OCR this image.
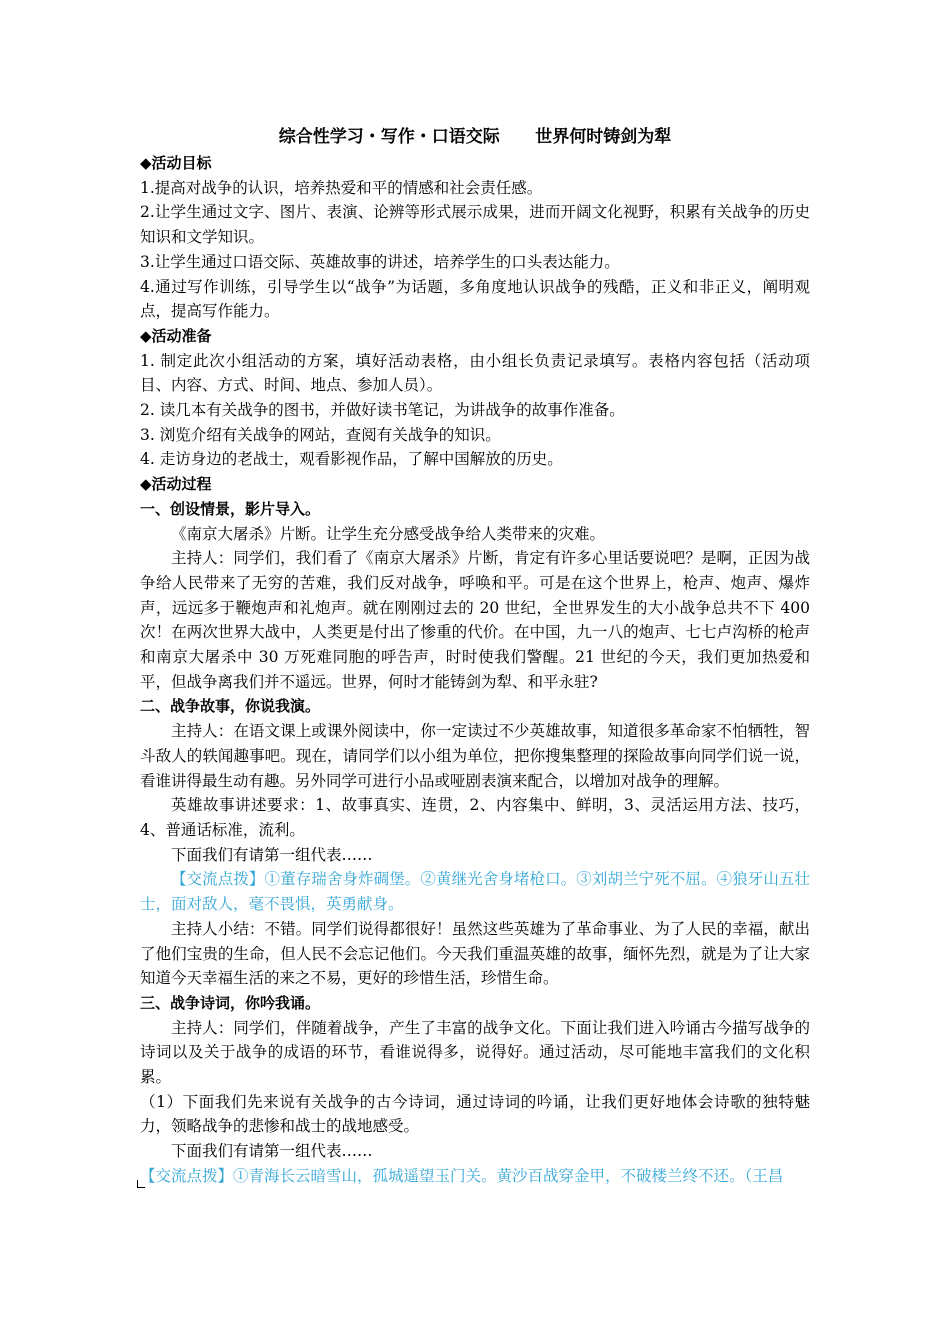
综合性学习・写作・口语交际      世界何时铸剑为犁
◆活动目标
1.提高对战争的认识，培养热爱和平的情感和社会责任感。
2.让学生通过文字、图片、表演、论辨等形式展示成果，进而开阔文化视野，积累有关战争的历史知识和文学知识。
3.让学生通过口语交际、英雄故事的讲述，培养学生的口头表达能力。
4.通过写作训练，引导学生以“战争”为话题，多角度地认识战争的残酷，正义和非正义，阐明观点，提高写作能力。
◆活动准备
1. 制定此次小组活动的方案，填好活动表格，由小组长负责记录填写。表格内容包括（活动项目、内容、方式、时间、地点、参加人员）。
2. 读几本有关战争的图书，并做好读书笔记，为讲战争的故事作准备。
3. 浏览介绍有关战争的网站，查阅有关战争的知识。
4. 走访身边的老战士，观看影视作品，了解中国解放的历史。
◆活动过程
一、创设情景，影片导入。
《南京大屠杀》片断。让学生充分感受战争给人类带来的灾难。
主持人：同学们，我们看了《南京大屠杀》片断，肯定有许多心里话要说吧？是啊，正因为战争给人民带来了无穷的苦难，我们反对战争，呼唤和平。可是在这个世界上，枪声、炮声、爆炸声，远远多于鞭炮声和礼炮声。就在刚刚过去的 20 世纪，全世界发生的大小战争总共不下 400 次！在两次世界大战中，人类更是付出了惨重的代价。在中国，九一八的炮声、七七卢沟桥的枪声和南京大屠杀中 30 万死难同胞的呼告声，时时使我们警醒。21 世纪的今天，我们更加热爱和平，但战争离我们并不遥远。世界，何时才能铸剑为犁、和平永驻?
二、战争故事，你说我演。
主持人：在语文课上或课外阅读中，你一定读过不少英雄故事，知道很多革命家不怕牺牲，智斗敌人的轶闻趣事吧。现在，请同学们以小组为单位，把你搜集整理的探险故事向同学们说一说，看谁讲得最生动有趣。另外同学可进行小品或哑剧表演来配合，以增加对战争的理解。
英雄故事讲述要求：1、故事真实、连贯，2、内容集中、鲜明，3、灵活运用方法、技巧，4、普通话标准，流利。
下面我们有请第一组代表……
【交流点拨】①董存瑞舍身炸碉堡。②黄继光舍身堵枪口。③刘胡兰宁死不屈。④狼牙山五壮士，面对敌人，毫不畏惧，英勇献身。
主持人小结：不错。同学们说得都很好！虽然这些英雄为了革命事业、为了人民的幸福，献出了他们宝贵的生命，但人民不会忘记他们。今天我们重温英雄的故事，缅怀先烈，就是为了让大家知道今天幸福生活的来之不易，更好的珍惜生活，珍惜生命。
三、战争诗词，你吟我诵。
主持人：同学们，伴随着战争，产生了丰富的战争文化。下面让我们进入吟诵古今描写战争的诗词以及关于战争的成语的环节，看谁说得多，说得好。通过活动，尽可能地丰富我们的文化积累。
（1）下面我们先来说有关战争的古今诗词，通过诗词的吟诵，让我们更好地体会诗歌的独特魅力，领略战争的悲惨和战士的战地感受。
下面我们有请第一组代表……
【交流点拨】①青海长云暗雪山，孤城遥望玉门关。黄沙百战穿金甲，不破楼兰终不还。（王昌
